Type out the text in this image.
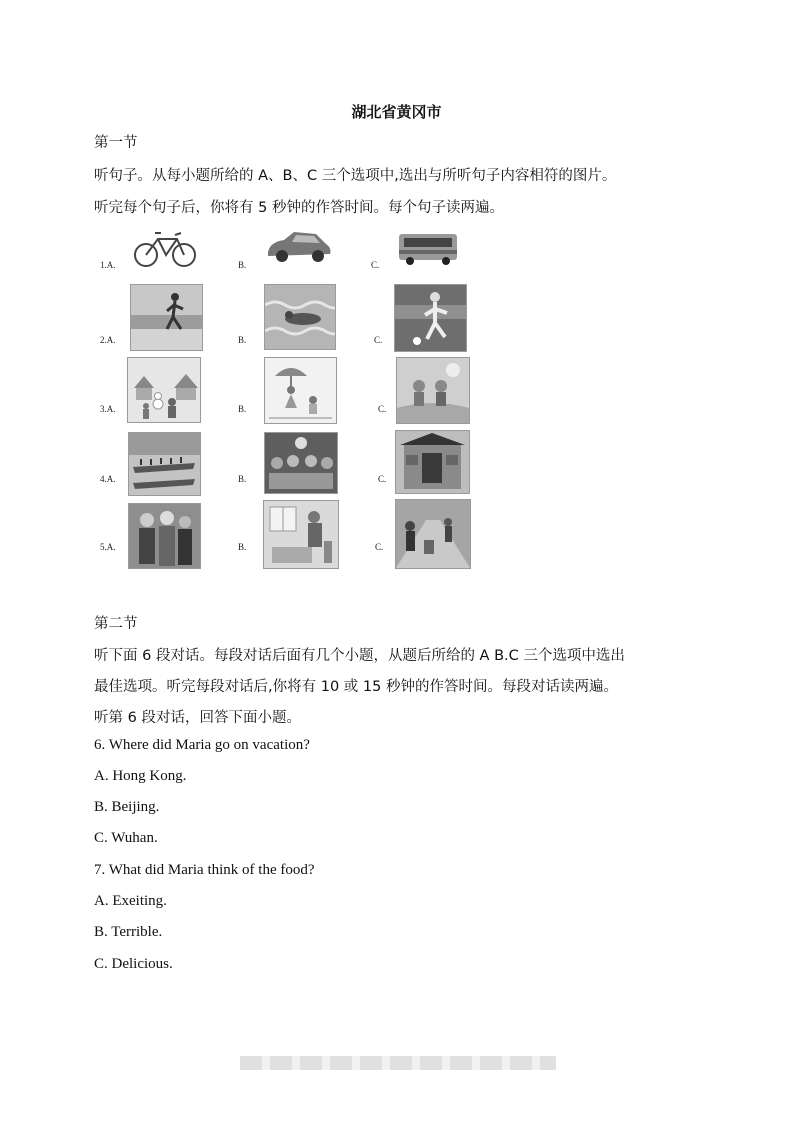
湖北省黄冈市
第一节
听句子。从每小题所给的 A、B、C 三个选项中,选出与所听句子内容相符的图片。
听完每个句子后，你将有 5 秒钟的作答时间。每个句子读两遍。
1.A.	B.	C.
2.A.	B.	C.
3.A.	B.	C.
4.A.	B.	C.
5.A.	B.	C.
第二节
听下面 6 段对话。每段对话后面有几个小题，从题后所给的 A B.C 三个选项中选出
最佳选项。听完每段对话后,你将有 10 或 15 秒钟的作答时间。每段对话读两遍。
听第 6 段对话，回答下面小题。
6. Where did Maria go on vacation?
A. Hong Kong.
B. Beijing.
C. Wuhan.
7. What did Maria think of the food?
A. Exeiting.
B. Terrible.
C. Delicious.
